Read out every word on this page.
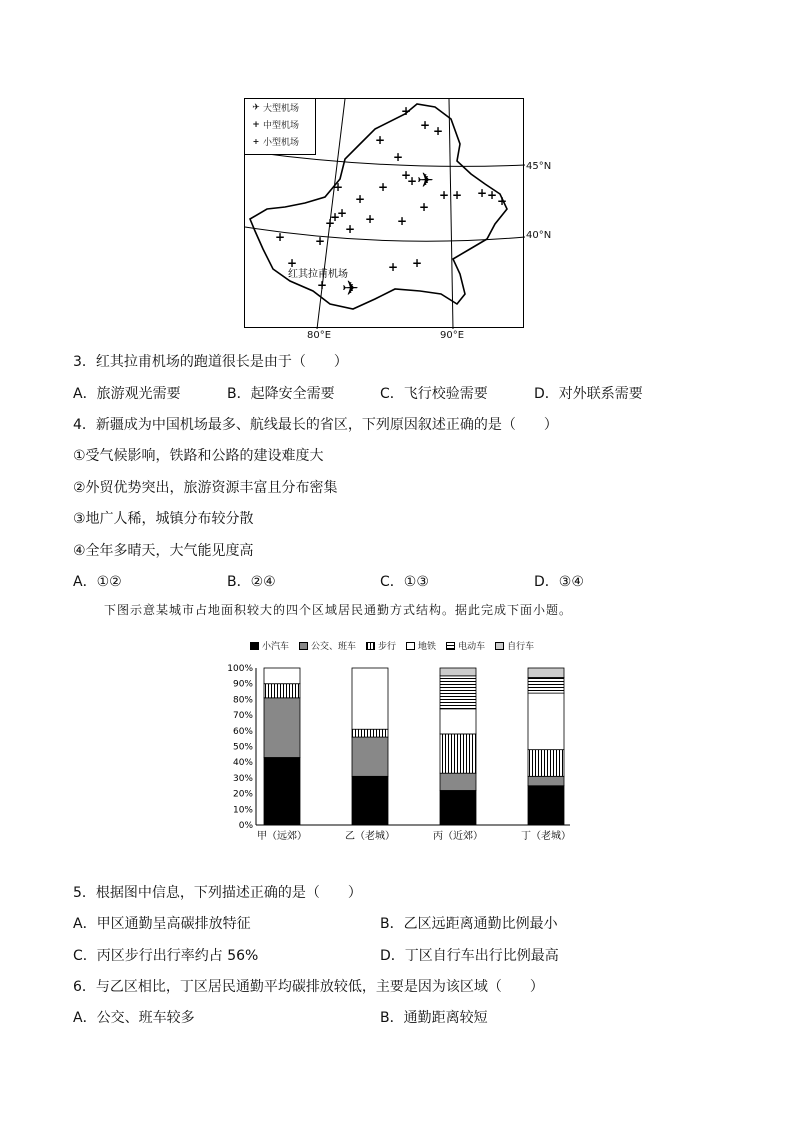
✈
✈
+
+ +
+
+
+
+
+
+
+
+ + +
+
+ + + + +
+
+ +
+
+
+	+ +
+
红其拉甫机场
✈ 大型机场
+ 中型机场
+ 小型机场
45°N
40°N
80°E	90°E
3．红其拉甫机场的跑道很长是由于（　　）
A．旅游观光需要	B．起降安全需要	C．飞行校验需要	D．对外联系需要
4．新疆成为中国机场最多、航线最长的省区，下列原因叙述正确的是（　　）
①受气候影响，铁路和公路的建设难度大
②外贸优势突出，旅游资源丰富且分布密集
③地广人稀，城镇分布较分散
④全年多晴天，大气能见度高
A．①②	B．②④	C．①③	D．③④
下图示意某城市占地面积较大的四个区域居民通勤方式结构。据此完成下面小题。
小汽车 公交、班车 步行 地铁 电动车 自行车
0%
10%
20%
30%
40%
50%
60%
70%
80%
90%
100%
甲（远郊）	乙（老城）	丙（近郊）	丁（老城）
5．根据图中信息，下列描述正确的是（　　）
A．甲区通勤呈高碳排放特征	B．乙区远距离通勤比例最小
C．丙区步行出行率约占 56%	D．丁区自行车出行比例最高
6．与乙区相比，丁区居民通勤平均碳排放较低，主要是因为该区域（　　）
A．公交、班车较多	B．通勤距离较短
